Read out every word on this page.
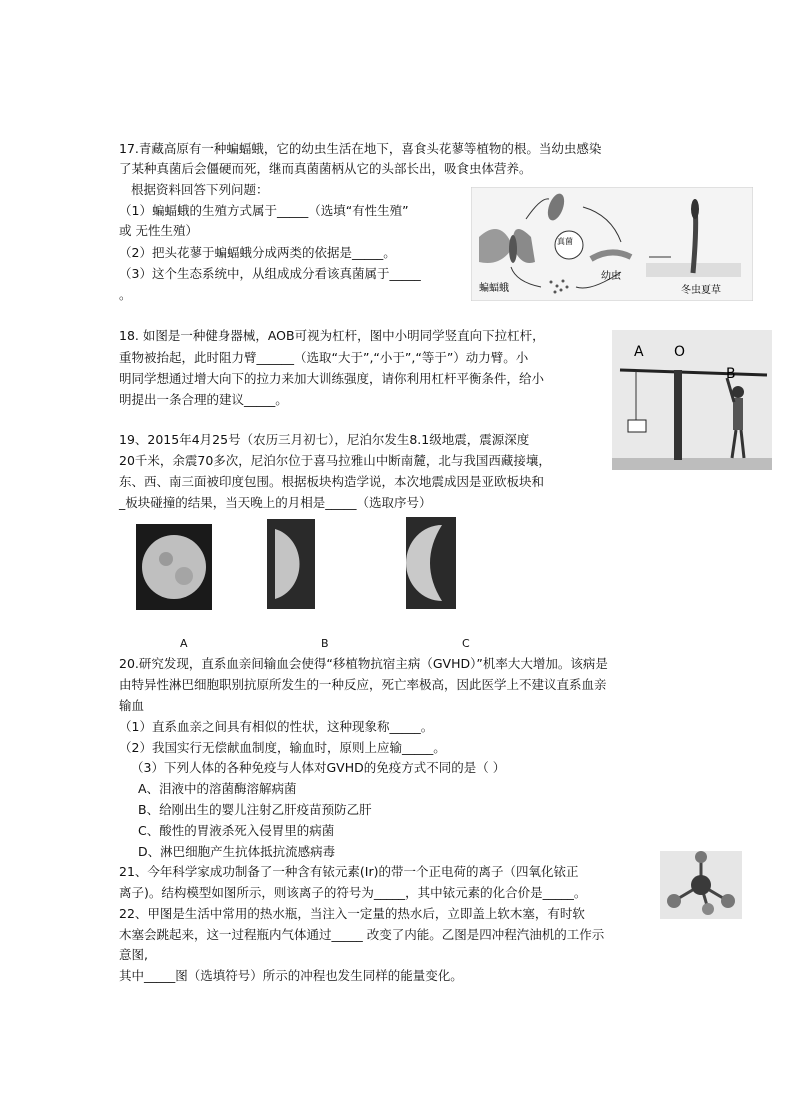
17.青藏高原有一种蝙蝠蛾，它的幼虫生活在地下，喜食头花蓼等植物的根。当幼虫感染
了某种真菌后会僵硬而死，继而真菌菌柄从它的头部长出，吸食虫体营养。
根据资料回答下列问题：
（1）蝙蝠蛾的生殖方式属于_____（选填“有性生殖”
或 无性生殖）
（2）把头花蓼于蝙蝠蛾分成两类的依据是_____。
（3）这个生态系统中，从组成成分看该真菌属于_____
。	蝙蝠蛾
真菌
幼虫
冬虫夏草
18. 如图是一种健身器械，AOB可视为杠杆，图中小明同学竖直向下拉杠杆，
重物被抬起，此时阻力臂______（选取“大于”,“小于”,“等于”）动力臂。小
明同学想通过增大向下的拉力来加大训练强度，请你利用杠杆平衡条件，给小
明提出一条合理的建议_____。
A O
B
19、2015年4月25号（农历三月初七），尼泊尔发生8.1级地震，震源深度
20千米，余震70多次，尼泊尔位于喜马拉雅山中断南麓，北与我国西藏接壤，
东、西、南三面被印度包围。根据板块构造学说，本次地震成因是亚欧板块和
_板块碰撞的结果，当天晚上的月相是_____（选取序号）
A	B	C
20.研究发现，直系血亲间输血会使得“移植物抗宿主病（GVHD）”机率大大增加。该病是
由特异性淋巴细胞职别抗原所发生的一种反应，死亡率极高，因此医学上不建议直系血亲
输血
（1）直系血亲之间具有相似的性状，这种现象称_____。
（2）我国实行无偿献血制度，输血时，原则上应输_____。
（3）下列人体的各种免疫与人体对GVHD的免疫方式不同的是（ ）
A、泪液中的溶菌酶溶解病菌
B、给刚出生的婴儿注射乙肝疫苗预防乙肝
C、酸性的胃液杀死入侵胃里的病菌
D、淋巴细胞产生抗体抵抗流感病毒
21、今年科学家成功制备了一种含有铱元素(Ir)的带一个正电荷的离子（四氧化铱正
离子)。结构模型如图所示，则该离子的符号为_____，其中铱元素的化合价是_____。
22、甲图是生活中常用的热水瓶，当注入一定量的热水后，立即盖上软木塞，有时软
木塞会跳起来，这一过程瓶内气体通过_____ 改变了内能。乙图是四冲程汽油机的工作示
意图,
其中_____图（选填符号）所示的冲程也发生同样的能量变化。
